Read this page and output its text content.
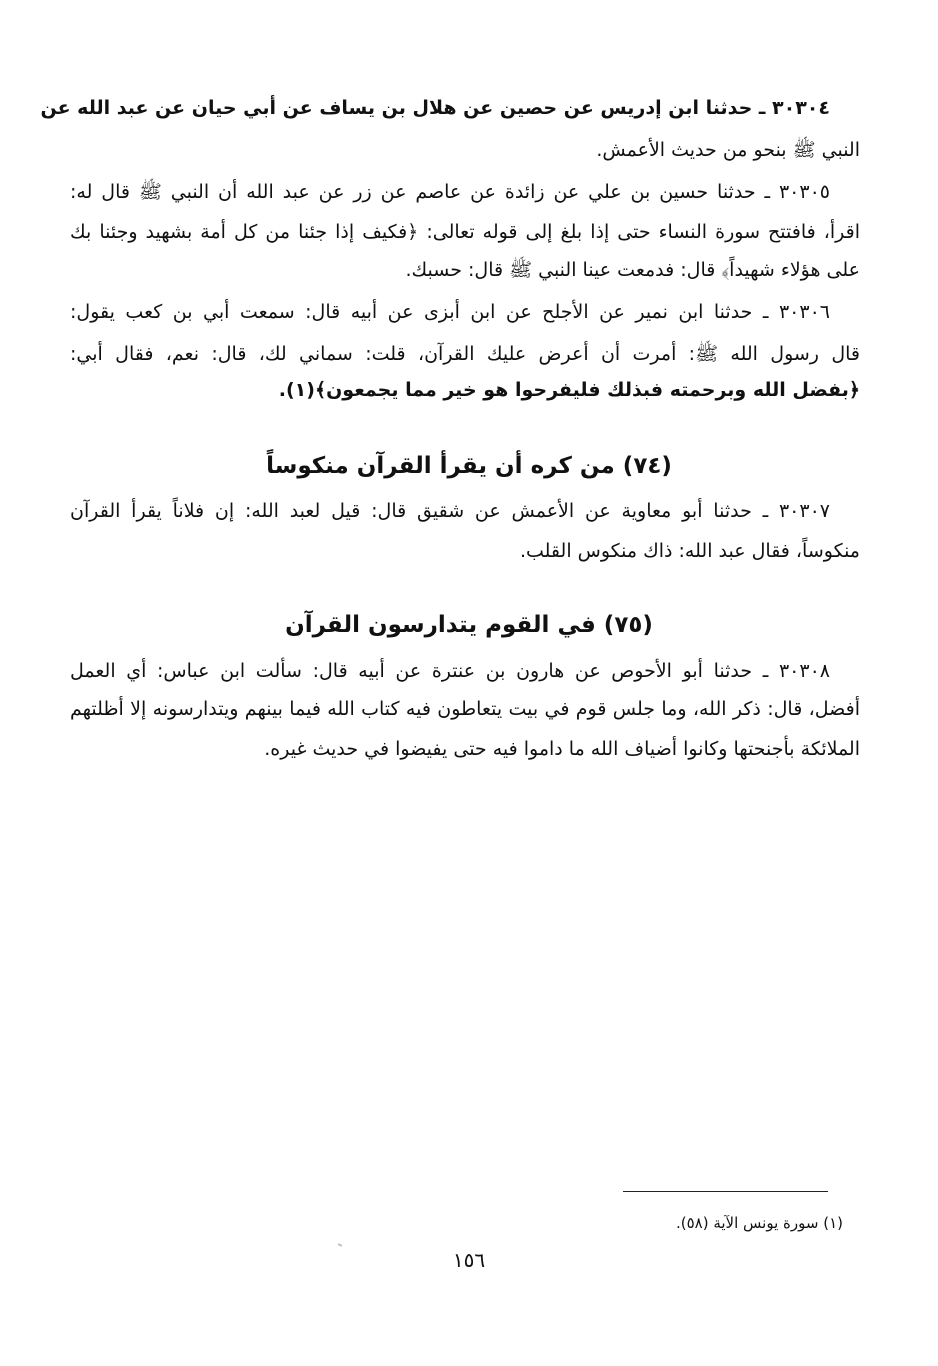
٣٠٣٠٤ ـ حدثنا ابن إدريس عن حصين عن هلال بن يساف عن أبي حيان عن عبد الله عن
النبي ﷺ بنحو من حديث الأعمش.
٣٠٣٠٥ ـ حدثنا حسين بن علي عن زائدة عن عاصم عن زر عن عبد الله أن النبي ﷺ قال له:
اقرأ، فافتتح سورة النساء حتى إذا بلغ إلى قوله تعالى: ﴿فكيف إذا جئنا من كل أمة بشهيد وجئنا بك
على هؤلاء شهيداً﴾ قال: فدمعت عينا النبي ﷺ قال: حسبك.
٣٠٣٠٦ ـ حدثنا ابن نمير عن الأجلح عن ابن أبزى عن أبيه قال: سمعت أبي بن كعب يقول:
قال رسول الله ﷺ: أمرت أن أعرض عليك القرآن، قلت: سماني لك، قال: نعم، فقال أبي:
﴿بفضل الله وبرحمته فبذلك فليفرحوا هو خير مما يجمعون﴾(١).
(٧٤) من كره أن يقرأ القرآن منكوساً
٣٠٣٠٧ ـ حدثنا أبو معاوية عن الأعمش عن شقيق قال: قيل لعبد الله: إن فلاناً يقرأ القرآن
منكوساً، فقال عبد الله: ذاك منكوس القلب.
(٧٥) في القوم يتدارسون القرآن
٣٠٣٠٨ ـ حدثنا أبو الأحوص عن هارون بن عنترة عن أبيه قال: سألت ابن عباس: أي العمل
أفضل، قال: ذكر الله، وما جلس قوم في بيت يتعاطون فيه كتاب الله فيما بينهم ويتدارسونه إلا أظلتهم
الملائكة بأجنحتها وكانوا أضياف الله ما داموا فيه حتى يفيضوا في حديث غيره.
(١) سورة يونس الآية (٥٨).
١٥٦
